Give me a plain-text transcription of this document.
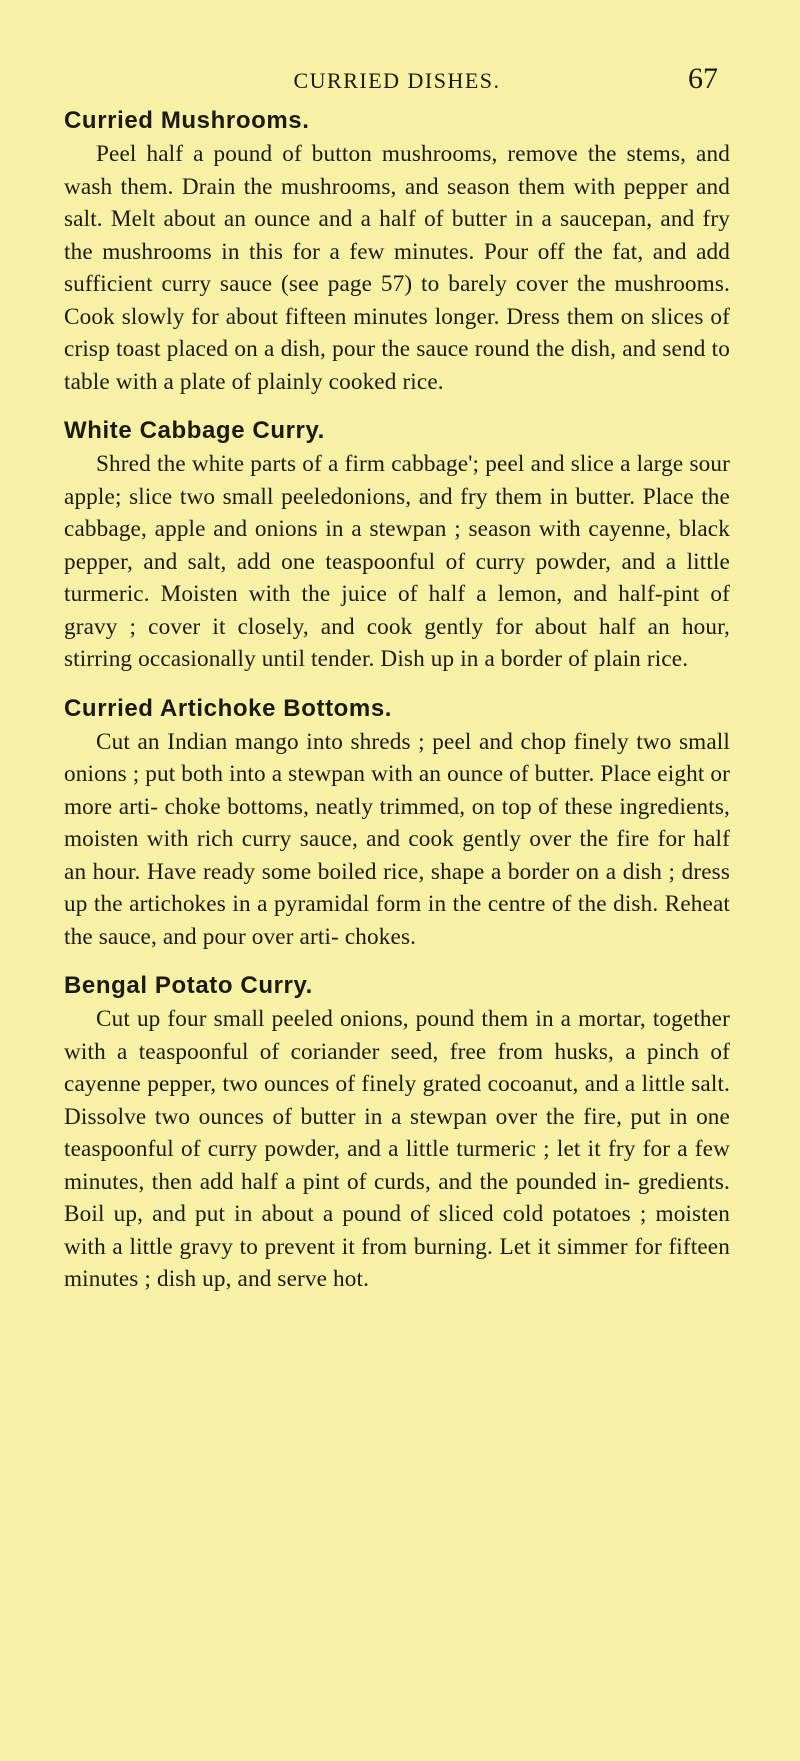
CURRIED DISHES.	67
Curried Mushrooms.

Peel half a pound of button mushrooms, remove the stems, and wash them. Drain the mushrooms, and season them with pepper and salt. Melt about an ounce and a half of butter in a saucepan, and fry the mushrooms in this for a few minutes. Pour off the fat, and add sufficient curry sauce (see page 57) to barely cover the mushrooms. Cook slowly for about fifteen minutes longer. Dress them on slices of crisp toast placed on a dish, pour the sauce round the dish, and send to table with a plate of plainly cooked rice.

White Cabbage Curry.

Shred the white parts of a firm cabbage'; peel and slice a large sour apple; slice two small peeledonions, and fry them in butter. Place the cabbage, apple and onions in a stewpan ; season with cayenne, black pepper, and salt, add one teaspoonful of curry powder, and a little turmeric. Moisten with the juice of half a lemon, and half-pint of gravy ; cover it closely, and cook gently for about half an hour, stirring occasionally until tender. Dish up in a border of plain rice.

Curried Artichoke Bottoms.

Cut an Indian mango into shreds ; peel and chop finely two small onions ; put both into a stewpan with an ounce of butter. Place eight or more arti- choke bottoms, neatly trimmed, on top of these ingredients, moisten with rich curry sauce, and cook gently over the fire for half an hour. Have ready some boiled rice, shape a border on a dish ; dress up the artichokes in a pyramidal form in the centre of the dish. Reheat the sauce, and pour over arti- chokes.

Bengal Potato Curry.

Cut up four small peeled onions, pound them in a mortar, together with a teaspoonful of coriander seed, free from husks, a pinch of cayenne pepper, two ounces of finely grated cocoanut, and a little salt. Dissolve two ounces of butter in a stewpan over the fire, put in one teaspoonful of curry powder, and a little turmeric ; let it fry for a few minutes, then add half a pint of curds, and the pounded in- gredients. Boil up, and put in about a pound of sliced cold potatoes ; moisten with a little gravy to prevent it from burning. Let it simmer for fifteen minutes ; dish up, and serve hot.
